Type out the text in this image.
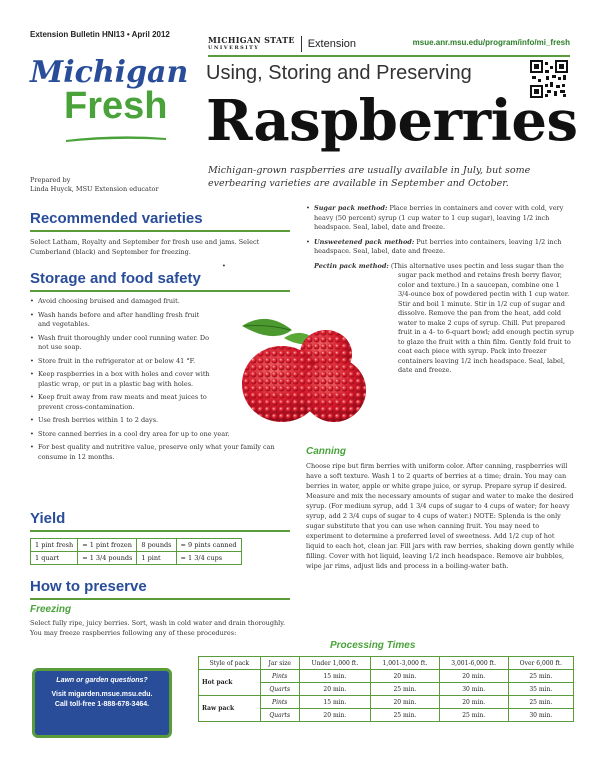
Extension Bulletin HNI13 • April 2012
MICHIGAN STATE
UNIVERSITY	Extension	msue.anr.msu.edu/program/info/mi_fresh
Michigan
Fresh
Using, Storing and Preserving
Raspberries
Michigan-grown raspberries are usually available in July, but some everbearing varieties are available in September and October.
Prepared by
Linda Huyck, MSU Extension educator
Recommended varieties

Select Latham, Royalty and September for fresh use and jams. Select Cumberland (black) and September for freezing.

Storage and food safety
• Avoid choosing bruised and damaged fruit.
• Wash hands before and after handling fresh fruit and vegetables.
• Wash fruit thoroughly under cool running water. Do not use soap.
• Store fruit in the refrigerator at or below 41 °F.
• Keep raspberries in a box with holes and cover with plastic wrap, or put in a plastic bag with holes.
• Keep fruit away from raw meats and meat juices to prevent cross-contamination.
• Use fresh berries within 1 to 2 days.
• Store canned berries in a cool dry area for up to one year.
• For best quality and nutritive value, preserve only what your family can consume in 12 months.
Yield
1 pint fresh	= 1 pint frozen	8 pounds	= 9 pints canned
1 quart	= 1 3/4 pounds	1 pint	= 1 3/4 cups
How to preserve
Freezing

Select fully ripe, juicy berries. Sort, wash in cold water and drain thoroughly. You may freeze raspberries following any of these procedures:

Lawn or garden questions?
Visit migarden.msue.msu.edu.
Call toll-free 1-888-678-3464.
• Sugar pack method: Place berries in containers and cover with cold, very heavy (50 percent) syrup (1 cup water to 1 cup sugar), leaving 1/2 inch headspace. Seal, label, date and freeze.
• Unsweetened pack method: Put berries into containers, leaving 1/2 inch headspace. Seal, label, date and freeze.
• Pectin pack method: (This alternative uses pectin and less sugar than the sugar pack method and retains fresh berry flavor, color and texture.) In a saucepan, combine one 1 3/4-ounce box of powdered pectin with 1 cup water. Stir and boil 1 minute. Stir in 1/2 cup of sugar and dissolve. Remove the pan from the heat, add cold water to make 2 cups of syrup. Chill. Put prepared fruit in a 4- to 6-quart bowl; add enough pectin syrup to glaze the fruit with a thin film. Gently fold fruit to coat each piece with syrup. Pack into freezer containers leaving 1/2 inch headspace. Seal, label, date and freeze.
Canning

Choose ripe but firm berries with uniform color. After canning, raspberries will have a soft texture. Wash 1 to 2 quarts of berries at a time; drain. You may can berries in water, apple or white grape juice, or syrup. Prepare syrup if desired. Measure and mix the necessary amounts of sugar and water to make the desired syrup. (For medium syrup, add 1 3/4 cups of sugar to 4 cups of water; for heavy syrup, add 2 3/4 cups of sugar to 4 cups of water.) NOTE: Splenda is the only sugar substitute that you can use when canning fruit. You may need to experiment to determine a preferred level of sweetness. Add 1/2 cup of hot liquid to each hot, clean jar. Fill jars with raw berries, shaking down gently while filling. Cover with hot liquid, leaving 1/2 inch headspace. Remove air bubbles, wipe jar rims, adjust lids and process in a boiling-water bath.

Processing Times
Style of pack	Jar size	Under 1,000 ft.	1,001-3,000 ft.	3,001-6,000 ft.	Over 6,000 ft.
Hot pack	Pints	15 min.	20 min.	20 min.	25 min.
	Quarts	20 min.	25 min.	30 min.	35 min.
Raw pack	Pints	15 min.	20 min.	20 min.	25 min.
	Quarts	20 min.	25 min.	25 min.	30 min.
